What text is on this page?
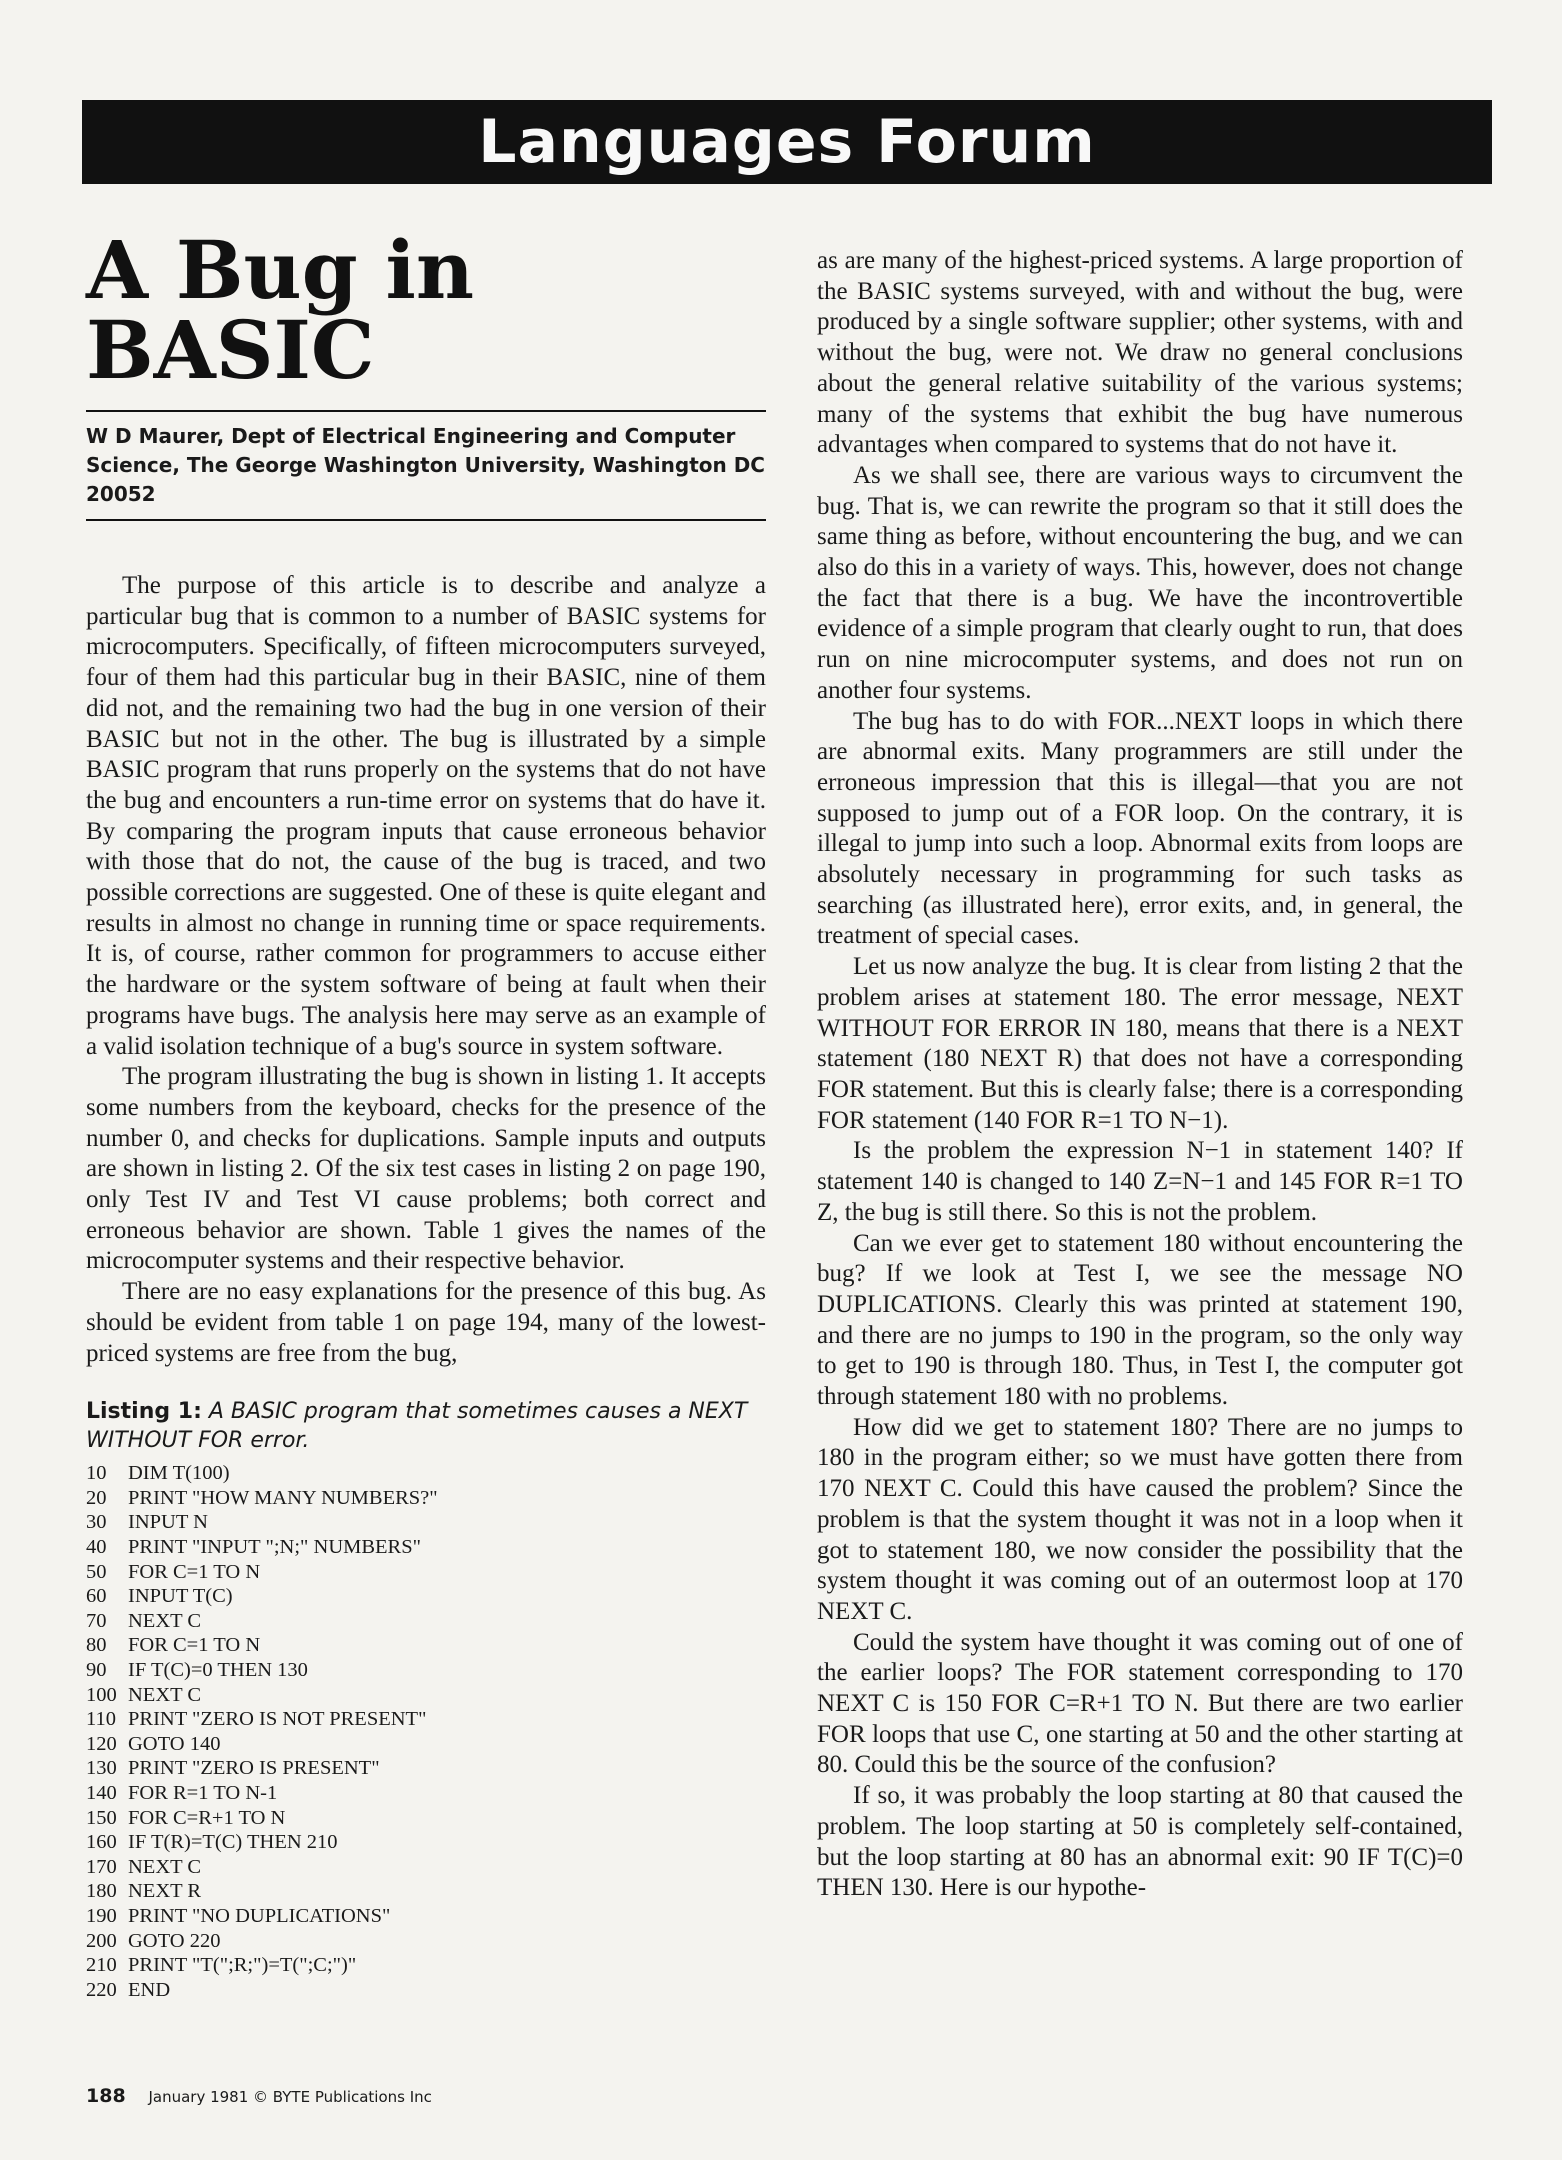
Languages Forum
A Bug in BASIC
W D Maurer, Dept of Electrical Engineering and Computer Science, The George Washington University, Washington DC 20052

The purpose of this article is to describe and analyze a particular bug that is common to a number of BASIC systems for microcomputers. Specifically, of fifteen microcomputers surveyed, four of them had this particular bug in their BASIC, nine of them did not, and the remaining two had the bug in one version of their BASIC but not in the other. The bug is illustrated by a simple BASIC program that runs properly on the systems that do not have the bug and encounters a run-time error on systems that do have it. By comparing the program inputs that cause erroneous behavior with those that do not, the cause of the bug is traced, and two possible corrections are suggested. One of these is quite elegant and results in almost no change in running time or space requirements. It is, of course, rather common for programmers to accuse either the hardware or the system software of being at fault when their programs have bugs. The analysis here may serve as an example of a valid isolation technique of a bug's source in system software.

The program illustrating the bug is shown in listing 1. It accepts some numbers from the keyboard, checks for the presence of the number 0, and checks for duplications. Sample inputs and outputs are shown in listing 2. Of the six test cases in listing 2 on page 190, only Test IV and Test VI cause problems; both correct and erroneous behavior are shown. Table 1 gives the names of the microcomputer systems and their respective behavior.

There are no easy explanations for the presence of this bug. As should be evident from table 1 on page 194, many of the lowest-priced systems are free from the bug,

Listing 1: A BASIC program that sometimes causes a NEXT WITHOUT FOR error.
10	DIM T(100)
20	PRINT "HOW MANY NUMBERS?"
30	INPUT N
40	PRINT "INPUT ";N;" NUMBERS"
50	FOR C=1 TO N
60	INPUT T(C)
70	NEXT C
80	FOR C=1 TO N
90	IF T(C)=0 THEN 130
100 NEXT C
110 PRINT "ZERO IS NOT PRESENT"
120 GOTO 140
130 PRINT "ZERO IS PRESENT"
140 FOR R=1 TO N-1
150 FOR C=R+1 TO N
160 IF T(R)=T(C) THEN 210
170 NEXT C
180 NEXT R
190 PRINT "NO DUPLICATIONS"
200 GOTO 220
210 PRINT "T(";R;")=T(";C;")"
220 END

as are many of the highest-priced systems. A large proportion of the BASIC systems surveyed, with and without the bug, were produced by a single software supplier; other systems, with and without the bug, were not. We draw no general conclusions about the general relative suitability of the various systems; many of the systems that exhibit the bug have numerous advantages when compared to systems that do not have it.

As we shall see, there are various ways to circumvent the bug. That is, we can rewrite the program so that it still does the same thing as before, without encountering the bug, and we can also do this in a variety of ways. This, however, does not change the fact that there is a bug. We have the incontrovertible evidence of a simple program that clearly ought to run, that does run on nine microcomputer systems, and does not run on another four systems.

The bug has to do with FOR...NEXT loops in which there are abnormal exits. Many programmers are still under the erroneous impression that this is illegal—that you are not supposed to jump out of a FOR loop. On the contrary, it is illegal to jump into such a loop. Abnormal exits from loops are absolutely necessary in programming for such tasks as searching (as illustrated here), error exits, and, in general, the treatment of special cases.

Let us now analyze the bug. It is clear from listing 2 that the problem arises at statement 180. The error message, NEXT WITHOUT FOR ERROR IN 180, means that there is a NEXT statement (180 NEXT R) that does not have a corresponding FOR statement. But this is clearly false; there is a corresponding FOR statement (140 FOR R=1 TO N−1).

Is the problem the expression N−1 in statement 140? If statement 140 is changed to 140 Z=N−1 and 145 FOR R=1 TO Z, the bug is still there. So this is not the problem.

Can we ever get to statement 180 without encountering the bug? If we look at Test I, we see the message NO DUPLICATIONS. Clearly this was printed at statement 190, and there are no jumps to 190 in the program, so the only way to get to 190 is through 180. Thus, in Test I, the computer got through statement 180 with no problems.

How did we get to statement 180? There are no jumps to 180 in the program either; so we must have gotten there from 170 NEXT C. Could this have caused the problem? Since the problem is that the system thought it was not in a loop when it got to statement 180, we now consider the possibility that the system thought it was coming out of an outermost loop at 170 NEXT C.

Could the system have thought it was coming out of one of the earlier loops? The FOR statement corresponding to 170 NEXT C is 150 FOR C=R+1 TO N. But there are two earlier FOR loops that use C, one starting at 50 and the other starting at 80. Could this be the source of the confusion?

If so, it was probably the loop starting at 80 that caused the problem. The loop starting at 50 is completely self-contained, but the loop starting at 80 has an abnormal exit: 90 IF T(C)=0 THEN 130. Here is our hypothe-

188 January 1981 © BYTE Publications Inc
